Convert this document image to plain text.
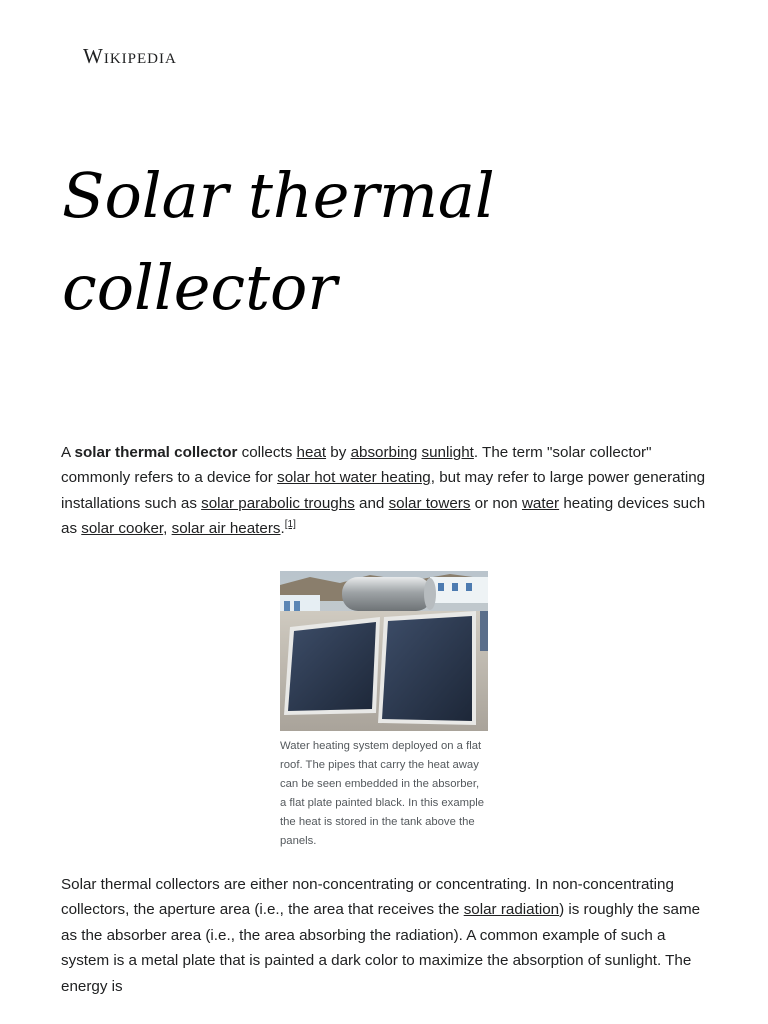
Wikipedia
Solar thermal collector

A solar thermal collector collects heat by absorbing sunlight. The term "solar collector" commonly refers to a device for solar hot water heating, but may refer to large power generating installations such as solar parabolic troughs and solar towers or non water heating devices such as solar cooker, solar air heaters.[1]

Water heating system deployed on a flat roof. The pipes that carry the heat away can be seen embedded in the absorber, a flat plate painted black. In this example the heat is stored in the tank above the panels.

Solar thermal collectors are either non-concentrating or concentrating. In non-concentrating collectors, the aperture area (i.e., the area that receives the solar radiation) is roughly the same as the absorber area (i.e., the area absorbing the radiation). A common example of such a system is a metal plate that is painted a dark color to maximize the absorption of sunlight. The energy is
